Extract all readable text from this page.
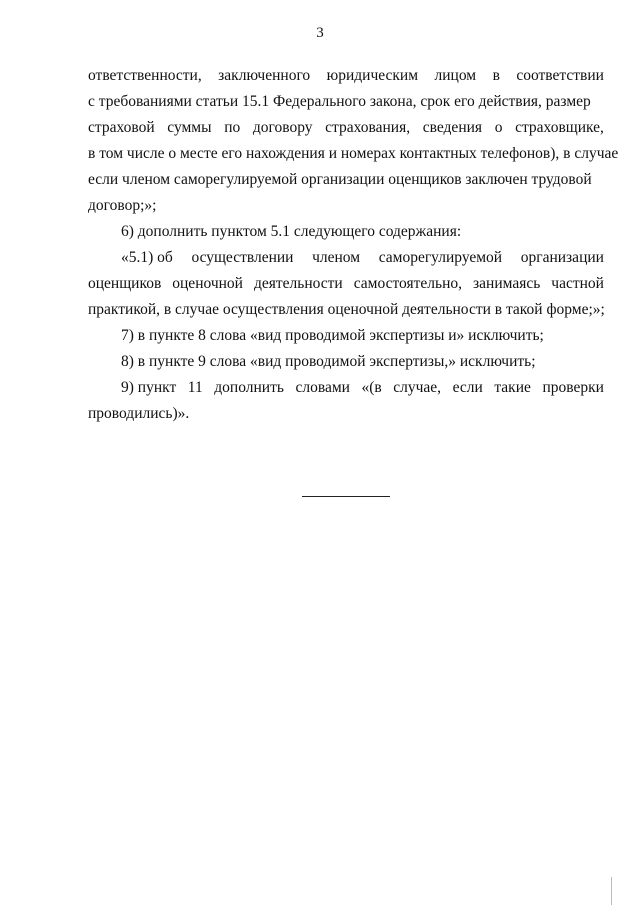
3
ответственности, заключенного юридическим лицом в соответствии
с требованиями статьи 15.1 Федерального закона, срок его действия, размер
страховой суммы по договору страхования, сведения о страховщике,
в том числе о месте его нахождения и номерах контактных телефонов), в случае
если членом саморегулируемой организации оценщиков заключен трудовой
договор;»;
6) дополнить пунктом 5.1 следующего содержания:
«5.1) об осуществлении членом саморегулируемой организации
оценщиков оценочной деятельности самостоятельно, занимаясь частной
практикой, в случае осуществления оценочной деятельности в такой форме;»;
7) в пункте 8 слова «вид проводимой экспертизы и» исключить;
8) в пункте 9 слова «вид проводимой экспертизы,» исключить;
9) пункт 11 дополнить словами «(в случае, если такие проверки
проводились)».
